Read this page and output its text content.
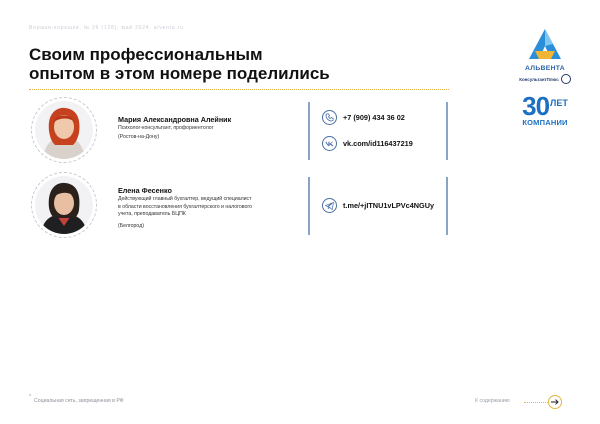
Вершки-корешки. № 36 (128), май 2024. alventa.ru
Своим профессиональным
опытом в этом номере поделились	АЛЬВЕНТА
КонсультантПлюс
30 ЛЕТ
КОМПАНИИ
Мария Александровна Алейник
Психолог-консультант, профориентолог
(Ростов-на-Дону)
+7 (909) 434 36 02
vk.com/id116437219
Елена Фесенко
Действующий главный бухгалтер, ведущий специалист
в области восстановления бухгалтерского и налогового
учета, преподаватель БЦПК
(Белгород)
t.me/+jITNU1vLPVc4NGUy
*
Социальная сеть, запрещенная в РФ	К содержанию
